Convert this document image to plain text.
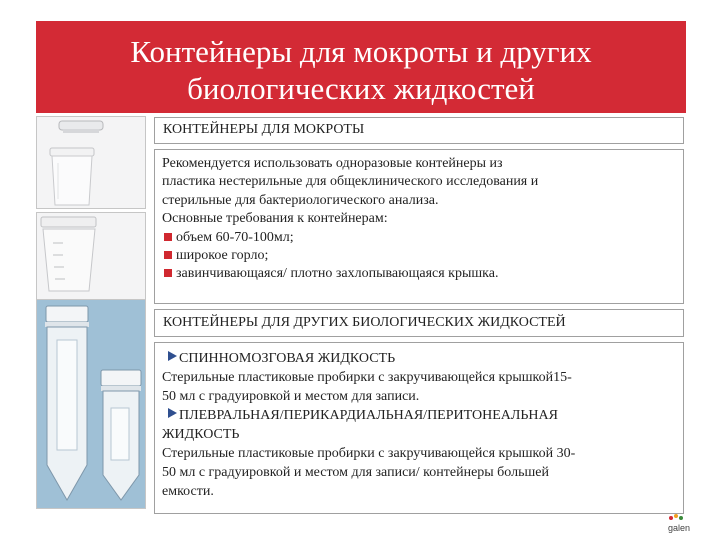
Контейнеры для мокроты и других
биологических жидкостей
КОНТЕЙНЕРЫ ДЛЯ МОКРОТЫ
Рекомендуется использовать одноразовые контейнеры из
пластика нестерильные для общеклинического исследования и
стерильные для бактериологического анализа.
Основные требования к контейнерам:
объем 60-70-100мл;
широкое горло;
завинчивающаяся/ плотно захлопывающаяся крышка.
КОНТЕЙНЕРЫ ДЛЯ ДРУГИХ БИОЛОГИЧЕСКИХ ЖИДКОСТЕЙ
СПИННОМОЗГОВАЯ ЖИДКОСТЬ
Стерильные пластиковые пробирки с закручивающейся крышкой15-
50 мл с градуировкой и местом для записи.
ПЛЕВРАЛЬНАЯ/ПЕРИКАРДИАЛЬНАЯ/ПЕРИТОНЕАЛЬНАЯ
ЖИДКОСТЬ
Стерильные пластиковые пробирки с закручивающейся крышкой 30-
50 мл с градуировкой и местом для записи/ контейнеры большей
емкости.
galen
